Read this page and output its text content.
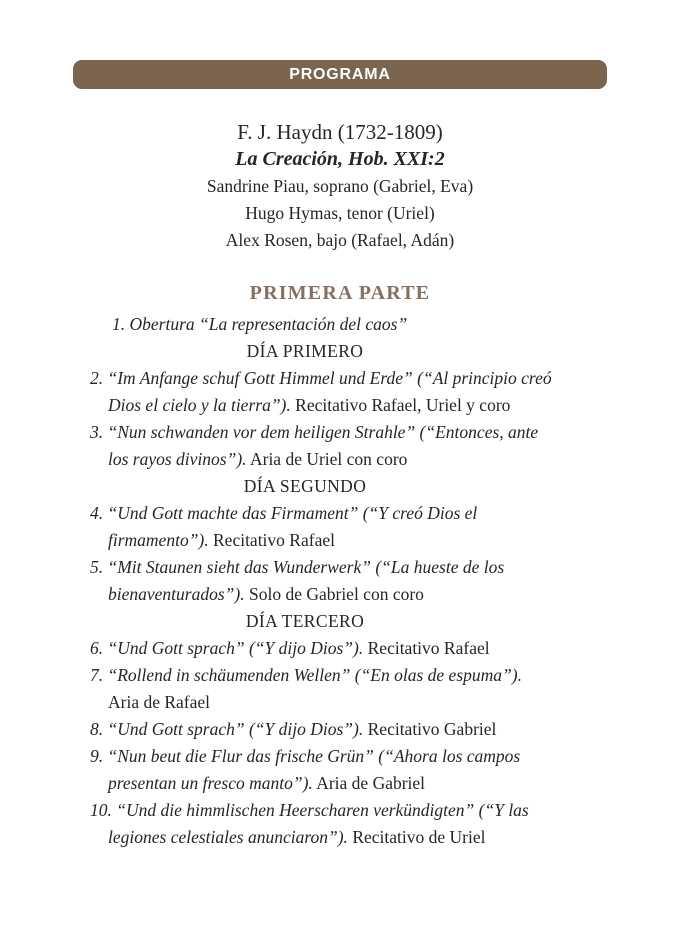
PROGRAMA
F. J. Haydn (1732-1809)
La Creación, Hob. XXI:2
Sandrine Piau, soprano (Gabriel, Eva)
Hugo Hymas, tenor (Uriel)
Alex Rosen, bajo (Rafael, Adán)
PRIMERA PARTE
1. Obertura “La representación del caos”
DÍA PRIMERO
2. “Im Anfange schuf Gott Himmel und Erde” (“Al principio creó
Dios el cielo y la tierra”). Recitativo Rafael, Uriel y coro
3. “Nun schwanden vor dem heiligen Strahle” (“Entonces, ante
los rayos divinos”). Aria de Uriel con coro
DÍA SEGUNDO
4. “Und Gott machte das Firmament” (“Y creó Dios el
firmamento”). Recitativo Rafael
5. “Mit Staunen sieht das Wunderwerk” (“La hueste de los
bienaventurados”). Solo de Gabriel con coro
DÍA TERCERO
6. “Und Gott sprach” (“Y dijo Dios”). Recitativo Rafael
7. “Rollend in schäumenden Wellen” (“En olas de espuma”).
Aria de Rafael
8. “Und Gott sprach” (“Y dijo Dios”). Recitativo Gabriel
9. “Nun beut die Flur das frische Grün” (“Ahora los campos
presentan un fresco manto”). Aria de Gabriel
10. “Und die himmlischen Heerscharen verkündigten” (“Y las
legiones celestiales anunciaron”). Recitativo de Uriel
